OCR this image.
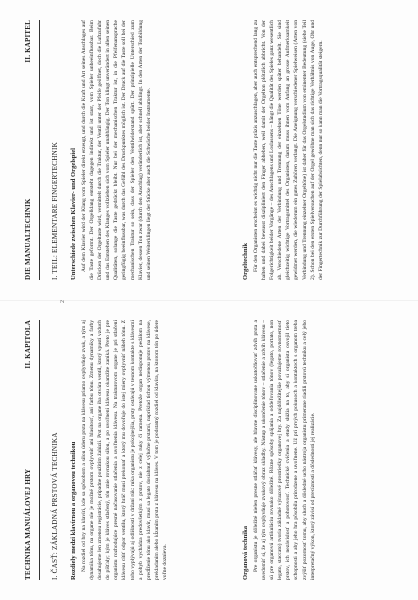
TECHNIKA MANUÁLOVEJ HRY
II. KAPITOLA
I. ČASŤ: ZÁKLADNÁ PRSTOVÁ TECHNIKA Rozdiely medzi klavírnou a organovou technikou Na rozdiel od hry na klavíri, kde sa spôsobom a silou úderu prsta na klávesu priamo ovplyvňuje zvuk, a tým aj dynamika tónu, na organe nie je možné prstom ovplyvniť ani hlasitosť, ani farbu tónu. Zmenu dynamiky a farby dosahujeme len zmenou registrácie, prípadne použitím žalúzií. Prst na organe iba otvára ventil, ktorý vpustí vzduch do píšťaly; kým je kláves stlačený, tón znie rovnakou silou, a po uvoľnení klávesu okamžite zaniká. Preto je pre organistu rozhodujúce presné načasovanie stlačenia a uvoľnenia klávesu. Na trakturovom organe je pri stlačení klávesu cítiť odpor ventilu, ktorý hráč musí prekonať a ktorý mu dovoľuje do istej miery ovplyvniť nábeh tónu. Z toho vyplývajú aj odlišnosti v držaní rúk: ruka organistu je pokojnejšia, prsty ostávajú v tesnom kontakte s klávesmi a pohyb vychádza predovšetkým z prstov, nie z celej ruky či ramena. Pretože organ nedisponuje pedálom na predĺženie tónu ako klavír, musí sa legato dosiahnuť výlučne prstami, napríklad tichou výmenou prstov na klávese, prekladaním alebo kĺzaním prsta z klávesu na kláves. V tom je podstatný rozdiel od klavíra, na ktorom tón po údere voľne doznieva.	Organová technika Pre organistu je dôležité nielen presne stláčať klávesy, ale hlavne disciplinovane uskutočňovať zdvíh prsta a uvedomiť si, že aj tým ovplyvňuje zvukový obraz skladby. Nástup a ukončenie tónov – stlačenie a zdvih klávesu – sú pre organovú artikuláciu rovnako dôležité. Rôzne spôsoby spájania a oddeľovania tónov (legato, portato, non legato, staccato) tvoria základné výrazové prostriedky organovej hry. Za najdôležitejšie považujeme rovnomernosť prstov, ich nezávislosť a pohotovosť. Technické cvičenia a etudy slúžia na to, aby si organista osvojil tieto schopnosti a aby jeho hra pôsobila prirodzene a uvoľnene. Už pri prvých pokusoch a kontaktoch s organom treba zvýšiť pozornosť tomu, aby sluch a dôsledné ucho nástroja organistu primerane riadili prstovú techniku a celý jeho interpretačný výkon, ktorý závisí od precíznosti a dôslednosti jej realizácie.

2
DIE MANUALTECHNIK
II. KAPITEL
I. TEIL: ELEMENTARE FINGERTECHNIK Unterschiede zwischen Klavier- und Orgelspiel Auf dem Klavier wird der Klang vom Spieler direkt erzeugt, und durch die Kraft und Art seines Anschlages auf die Taste geformt. Der Orgelklang entsteht dagegen indirekt und ist starr, vom Spieler unbeeinflussbar. Beim Drücken der Orgeltaste wird, vermittelt durch die Traktur, der Ventil unter der Pfeife geöffnet, doch die Luftzufuhr und das Entstehen des Klanges vollziehen sich vom Spieler unabhängig. Der Ton klingt unverändert in allen seinen Qualitäten, solange die Taste gedrückt bleibt. Nur bei der mechanischen Traktur ist, in die Pfeifenansprache geringfügig beeinflussbar, was durch das Gefühl des Druckpunktes möglich ist. Der Druck auf die Taste soll bei der mechanischen Traktur so sein, dass der Spieler den Ventilwiderstand spürt. Der prinzipielle Unterschied zum Klavier, dessen Ton zwar (durch den Anschlag) veränderlich ist, aber schnell abklingt. In den Arten der Tonbildung und seinen Weiterklingen liegt der Stücke aber auch die Schwäche beider Instrumente.	Orgeltechnik Für den Organisten erscheint es wichtig nicht nur die Taste präzis anzuschlagen, aber auch entsprechend lang zu halten und dabei bewusst diszipliniert den Finger abheben, weil damit der Orgelton plötzlich abbricht. Von der Folgerichtigkeit beider Vorgänge – des Anschlagens und Loslassens – hängt die Qualität des Spieles ganz wesentlich ab. Verschiedene Arten der Verbindung und Trennung der einzelnen Töne werden später behandelt. Sie sind gleichzeitig wichtige Vortragsmittel des Organisten, darum muss ihnen vom Anfang an grosse Aufmerksamkeit gewidmet werden, die wiederum ein gutes Zuhören verlangt. Die Aneignung verschiedener Spielweisen (Arten von Verbindung und Trennung einzelner Orgeltöne) ist daher für das Orgelstudium von eminenter Bedeutung (siehe Teil 2). Schon bei den ersten Spielversuchen auf der Orgel gewöhne man sich das richtige Verhältnis von Auge, Ohr und der Fingertechnik zur Durchführung der Spielabsichten, denn nur so kann man die Vortragsqualität steigern.
